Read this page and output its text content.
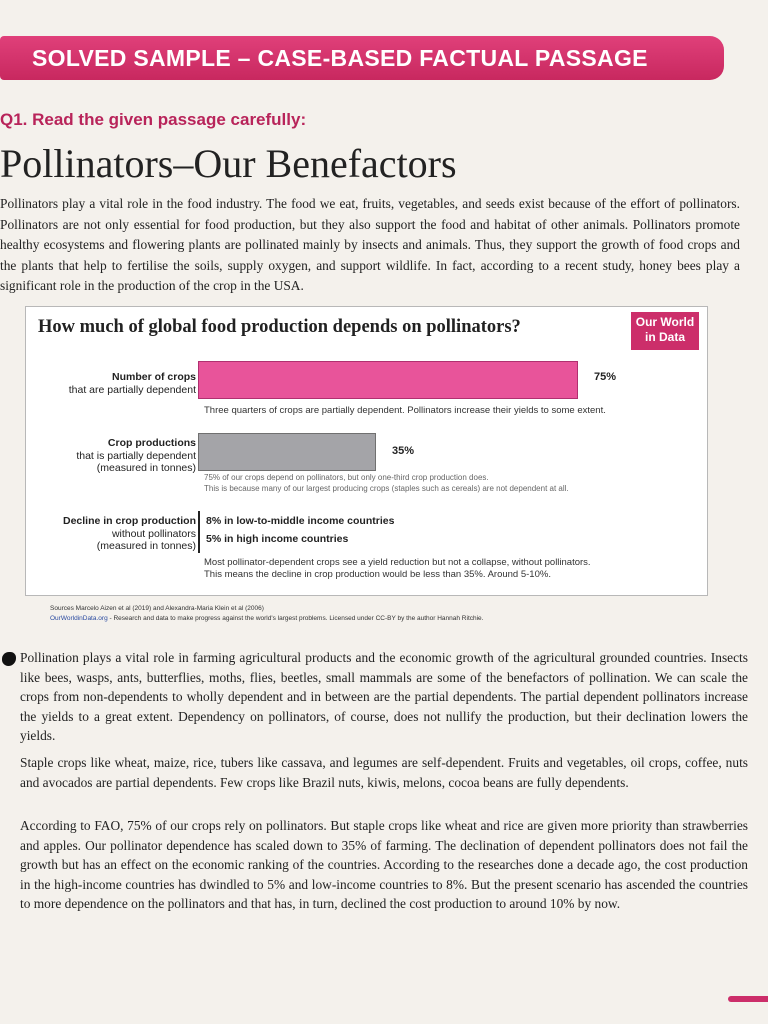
SOLVED SAMPLE – CASE-BASED FACTUAL PASSAGE
Q1. Read the given passage carefully:
Pollinators–Our Benefactors

Pollinators play a vital role in the food industry. The food we eat, fruits, vegetables, and seeds exist because of the effort of pollinators. Pollinators are not only essential for food production, but they also support the food and habitat of other animals. Pollinators promote healthy ecosystems and flowering plants are pollinated mainly by insects and animals. Thus, they support the growth of food crops and the plants that help to fertilise the soils, supply oxygen, and support wildlife. In fact, according to a recent study, honey bees play a significant role in the production of the crop in the USA.

How much of global food production depends on pollinators?	Our World in Data
Number of crops
that are partially dependent
75%
Three quarters of crops are partially dependent. Pollinators increase their yields to some extent.
Crop productions
that is partially dependent (measured in tonnes)
35%
75% of our crops depend on pollinators, but only one-third crop production does.
This is because many of our largest producing crops (staples such as cereals) are not dependent at all.
Decline in crop production
without pollinators
(measured in tonnes)
8% in low-to-middle income countries
5% in high income countries
Most pollinator-dependent crops see a yield reduction but not a collapse, without pollinators.
This means the decline in crop production would be less than 35%. Around 5-10%.
Sources Marcelo Aizen et al (2019) and Alexandra-Maria Klein et al (2006)
OurWorldinData.org - Research and data to make progress against the world's largest problems. Licensed under CC-BY by the author Hannah Ritchie.

Pollination plays a vital role in farming agricultural products and the economic growth of the agricultural grounded countries. Insects like bees, wasps, ants, butterflies, moths, flies, beetles, small mammals are some of the benefactors of pollination. We can scale the crops from non-dependents to wholly dependent and in between are the partial dependents. The partial dependent pollinators increase the yields to a great extent. Dependency on pollinators, of course, does not nullify the production, but their declination lowers the yields.

Staple crops like wheat, maize, rice, tubers like cassava, and legumes are self-dependent. Fruits and vegetables, oil crops, coffee, nuts and avocados are partial dependents. Few crops like Brazil nuts, kiwis, melons, cocoa beans are fully dependents.

According to FAO, 75% of our crops rely on pollinators. But staple crops like wheat and rice are given more priority than strawberries and apples. Our pollinator dependence has scaled down to 35% of farming. The declination of dependent pollinators does not fail the growth but has an effect on the economic ranking of the countries. According to the researches done a decade ago, the cost production in the high-income countries has dwindled to 5% and low-income countries to 8%. But the present scenario has ascended the countries to more dependence on the pollinators and that has, in turn, declined the cost production to around 10% by now.
